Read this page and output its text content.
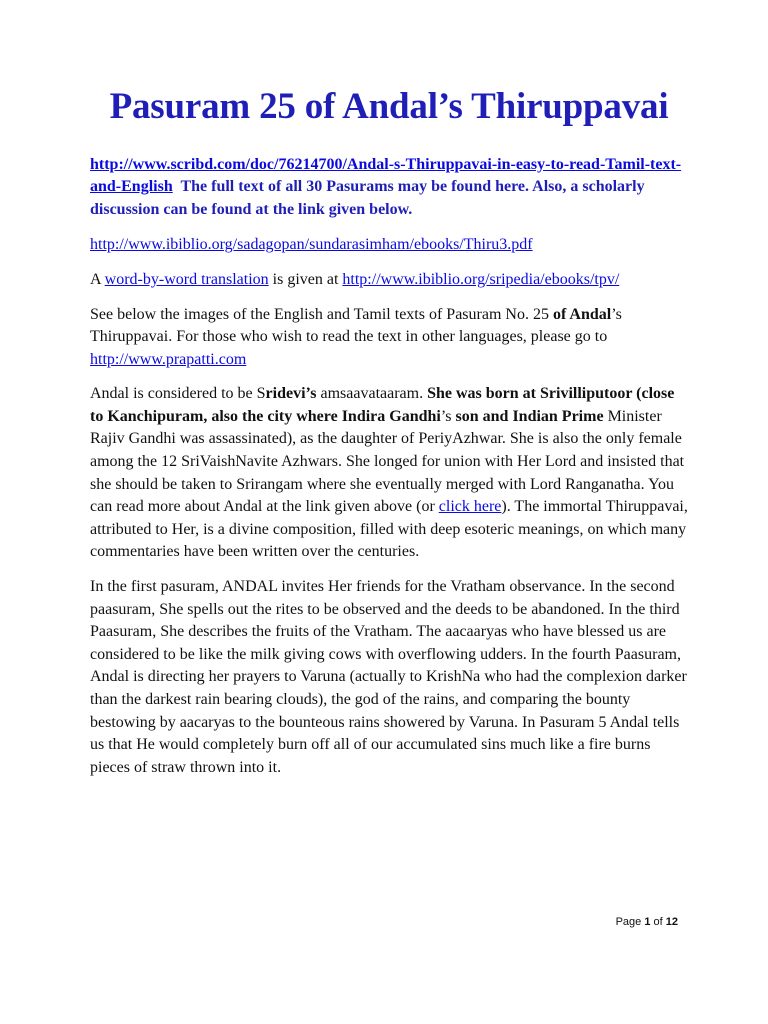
Pasuram 25 of Andal’s Thiruppavai

http://www.scribd.com/doc/76214700/Andal-s-Thiruppavai-in-easy-to-read-Tamil-text-and-English The full text of all 30 Pasurams may be found here. Also, a scholarly discussion can be found at the link given below.

http://www.ibiblio.org/sadagopan/sundarasimham/ebooks/Thiru3.pdf

A word-by-word translation is given at http://www.ibiblio.org/sripedia/ebooks/tpv/

See below the images of the English and Tamil texts of Pasuram No. 25 of Andal’s Thiruppavai. For those who wish to read the text in other languages, please go to http://www.prapatti.com

Andal is considered to be Sridevi’s amsaavataaram. She was born at Srivilliputoor (close to Kanchipuram, also the city where Indira Gandhi’s son and Indian Prime Minister Rajiv Gandhi was assassinated), as the daughter of PeriyAzhwar. She is also the only female among the 12 SriVaishNavite Azhwars. She longed for union with Her Lord and insisted that she should be taken to Srirangam where she eventually merged with Lord Ranganatha. You can read more about Andal at the link given above (or click here). The immortal Thiruppavai, attributed to Her, is a divine composition, filled with deep esoteric meanings, on which many commentaries have been written over the centuries.

In the first pasuram, ANDAL invites Her friends for the Vratham observance. In the second paasuram, She spells out the rites to be observed and the deeds to be abandoned. In the third Paasuram, She describes the fruits of the Vratham. The aacaaryas who have blessed us are considered to be like the milk giving cows with overflowing udders. In the fourth Paasuram, Andal is directing her prayers to Varuna (actually to KrishNa who had the complexion darker than the darkest rain bearing clouds), the god of the rains, and comparing the bounty bestowing by aacaryas to the bounteous rains showered by Varuna. In Pasuram 5 Andal tells us that He would completely burn off all of our accumulated sins much like a fire burns pieces of straw thrown into it.

Page 1 of 12
